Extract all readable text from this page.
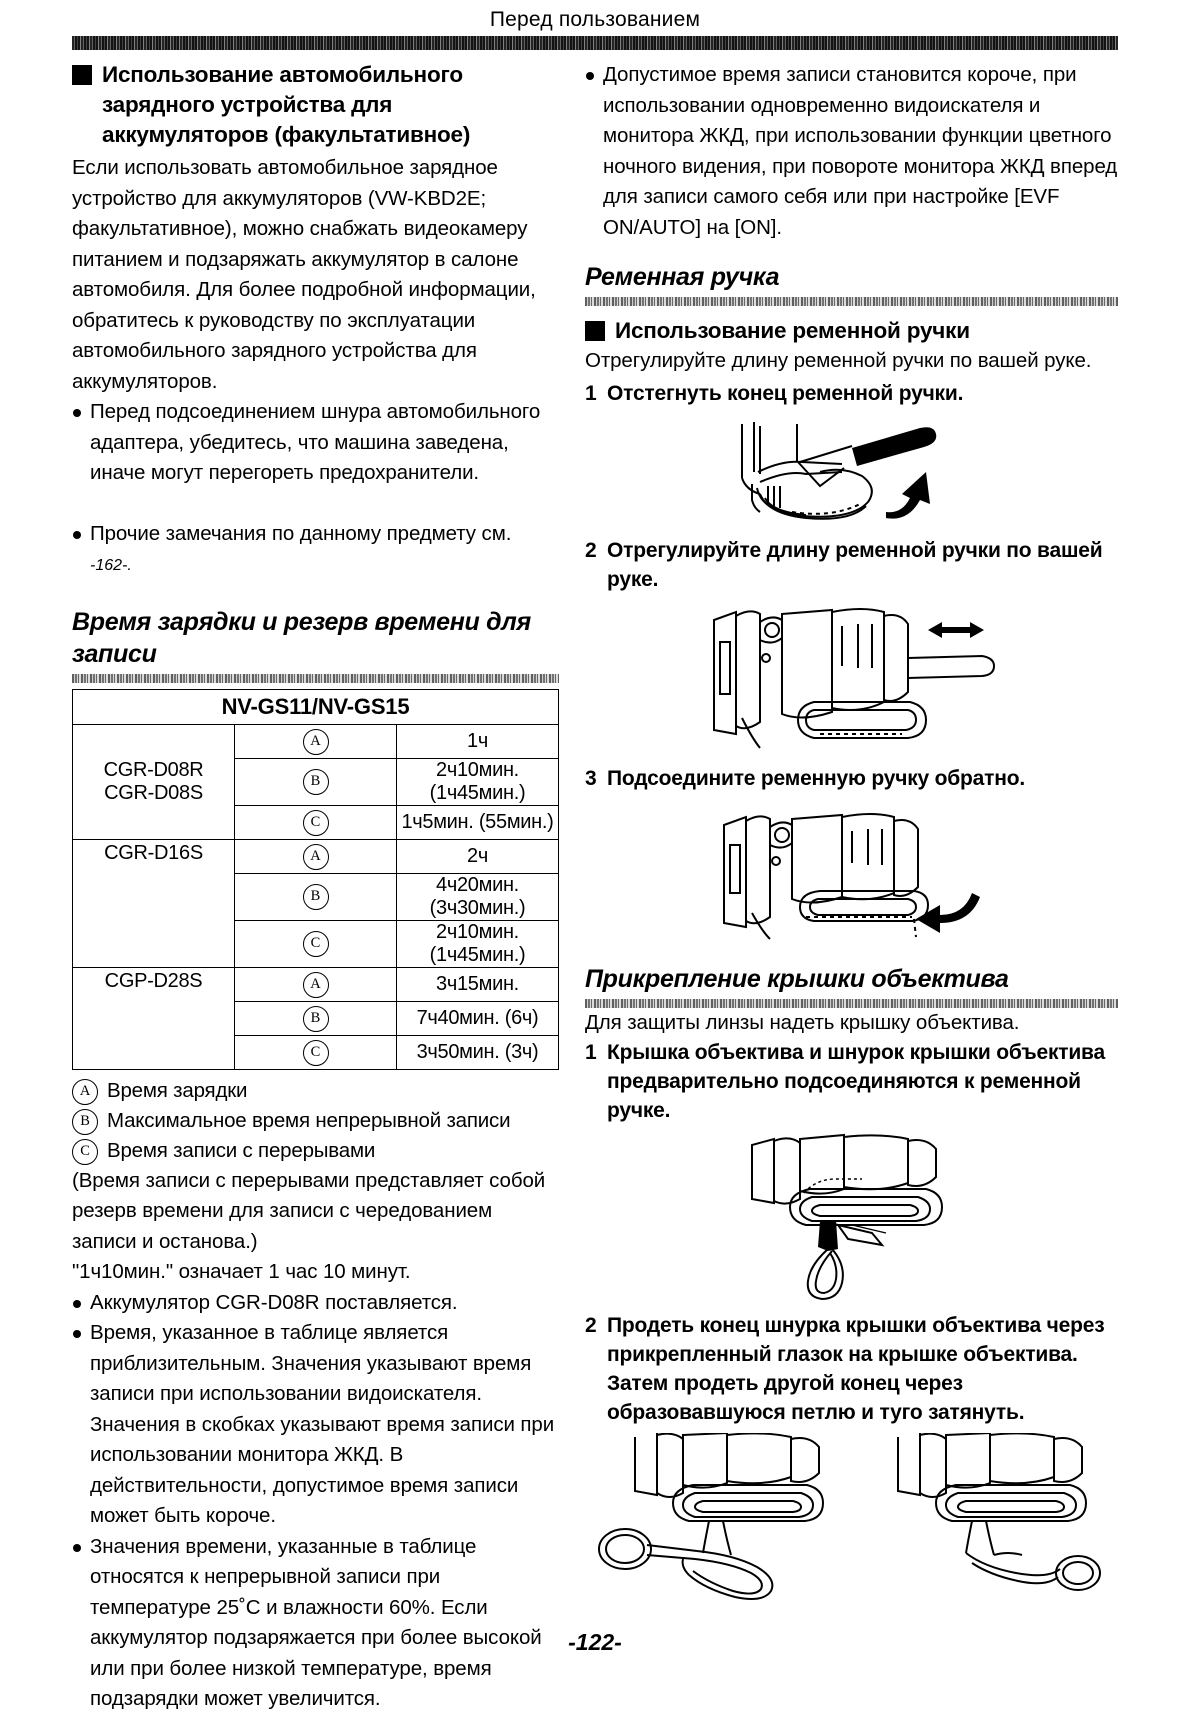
Перед пользованием
Использование автомобильного зарядного устройства для аккумуляторов (факультативное)

Если использовать автомобильное зарядное устройство для аккумуляторов (VW-KBD2E; факультативное), можно снабжать видеокамеру питанием и подзаряжать аккумулятор в салоне автомобиля. Для более подробной информации, обратитесь к руководству по эксплуатации автомобильного зарядного устройства для аккумуляторов.

Перед подсоединением шнура автомобильного адаптера, убедитесь, что машина заведена, иначе могут перегореть предохранители.
Прочие замечания по данному предмету см.
-162-.
Время зарядки и резерв времени для записи
NV-GS11/NV-GS15		

CGR-D08R
CGR-D08S	A	1ч
	B	2ч10мин. (1ч45мин.)
	C	1ч5мин. (55мин.)

CGR-D16S	A	2ч
	B	4ч20мин. (3ч30мин.)
	C	2ч10мин. (1ч45мин.)

CGP-D28S	A	3ч15мин.
	B	7ч40мин. (6ч)
	C	3ч50мин. (3ч)
A Время зарядки
B Максимальное время непрерывной записи
C Время записи с перерывами

(Время записи с перерывами представляет собой резерв времени для записи с чередованием записи и останова.)

"1ч10мин." означает 1 час 10 минут.

Аккумулятор CGR-D08R поставляется.
Время, указанное в таблице является приблизительным. Значения указывают время записи при использовании видоискателя. Значения в скобках указывают время записи при использовании монитора ЖКД. В действительности, допустимое время записи может быть короче.
Значения времени, указанные в таблице относятся к непрерывной записи при температуре 25˚C и влажности 60%. Если аккумулятор подзаряжается при более высокой или при более низкой температуре, время подзарядки может увеличится.
Допустимое время записи становится короче, при использовании одновременно видоискателя и монитора ЖКД, при использовании функции цветного ночного видения, при повороте монитора ЖКД вперед для записи самого себя или при настройке [EVF ON/AUTO] на [ON].
Ременная ручка
Использование ременной ручки

Отрегулируйте длину ременной ручки по вашей руке.

1 Отстегнуть конец ременной ручки.
2 Отрегулируйте длину ременной ручки по вашей руке.
3 Подсоедините ременную ручку обратно.
Прикрепление крышки объектива

Для защиты линзы надеть крышку объектива.

1 Крышка объектива и шнурок крышки объектива предварительно подсоединяются к ременной ручке.
2 Продеть конец шнурка крышки объектива через прикрепленный глазок на крышке объектива. Затем продеть другой конец через образовавшуюся петлю и туго затянуть.
-122-
